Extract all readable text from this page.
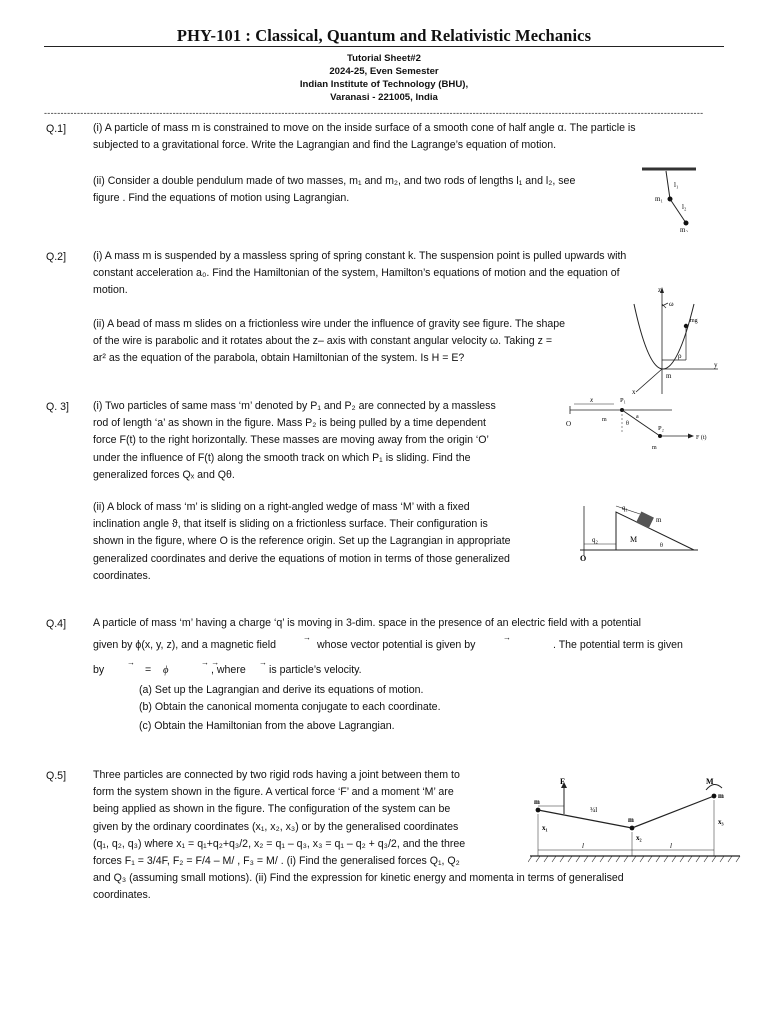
PHY-101 : Classical, Quantum and Relativistic Mechanics
Tutorial Sheet#2
2024-25, Even Semester
Indian Institute of Technology (BHU),
Varanasi - 221005, India
--------------------------------------------------------------------------------------------------------------------------------------------------------------------------------------------------------
Q.1]	(i) A particle of mass m is constrained to move on the inside surface of a smooth cone of half angle α. The particle is
subjected to a gravitational force. Write the Lagrangian and find the Lagrange’s equation of motion.
(ii) Consider a double pendulum made of two masses, m₁ and m₂, and two rods of lengths l₁ and l₂, see
figure . Find the equations of motion using Lagrangian.
l₁
m₁
l₂
m₂
Q.2]	(i) A mass m is suspended by a massless spring of spring constant k. The suspension point is pulled upwards with
constant acceleration a₀. Find the Hamiltonian of the system, Hamilton’s equations of motion and the equation of
motion.
(ii) A bead of mass m slides on a frictionless wire under the influence of gravity see figure. The shape
of the wire is parabolic and it rotates about the z– axis with constant angular velocity ω. Taking z =
ar² as the equation of the parabola, obtain Hamiltonian of the system. Is H = E?
z
ω
mg
ρ
m
y
x
Q. 3] (i) Two particles of same mass ‘m’ denoted by P₁ and P₂ are connected by a massless
rod of length ‘a’ as shown in the figure. Mass P₂ is being pulled by a time dependent
force F(t) to the right horizontally. These masses are moving away from the origin ‘O’
under the influence of F(t) along the smooth track on which P₁ is sliding. Find the
generalized forces Qₓ and Qθ.
x	P₁
O	m	a
θ
P₂
F (t)
m
(ii) A block of mass ‘m’ is sliding on a right-angled wedge of mass ‘M’ with a fixed
inclination angle ϑ, that itself is sliding on a frictionless surface. Their configuration is
shown in the figure, where O is the reference origin. Set up the Lagrangian in appropriate
generalized coordinates and derive the equations of motion in terms of those generalized
coordinates.
q₁
m
q₂	M
θ
O
Q.4]	A particle of mass ‘m’ having a charge ‘q’ is moving in 3-dim. space in the presence of an electric field with a potential
given by ϕ(x, y, z), and a magnetic field
→
whose vector potential is given by
→
. The potential term is given
by
→
= ϕ
→ →
, where
→
is particle’s velocity.
(a) Set up the Lagrangian and derive its equations of motion.
(b) Obtain the canonical momenta conjugate to each coordinate.
(c) Obtain the Hamiltonian from the above Lagrangian.
Q.5]	Three particles are connected by two rigid rods having a joint between them to
form the system shown in the figure. A vertical force ‘F’ and a moment ‘M’ are
being applied as shown in the figure. The configuration of the system can be
given by the ordinary coordinates (x₁, x₂, x₃) or by the generalised coordinates
(q₁, q₂, q₃) where x₁ = q₁+q₂+q₃/2, x₂ = q₁ – q₃, x₃ = q₁ – q₂ + q₃/2, and the three
forces F₁ = 3/4F, F₂ = F/4 – M/ , F₃ = M/ . (i) Find the generalised forces Q₁, Q₂
and Q₃ (assuming small motions). (ii) Find the expression for kinetic energy and momenta in terms of generalised
coordinates.
F	M
m
m
m
x₁
x₂
x₃
¾l
l	l
